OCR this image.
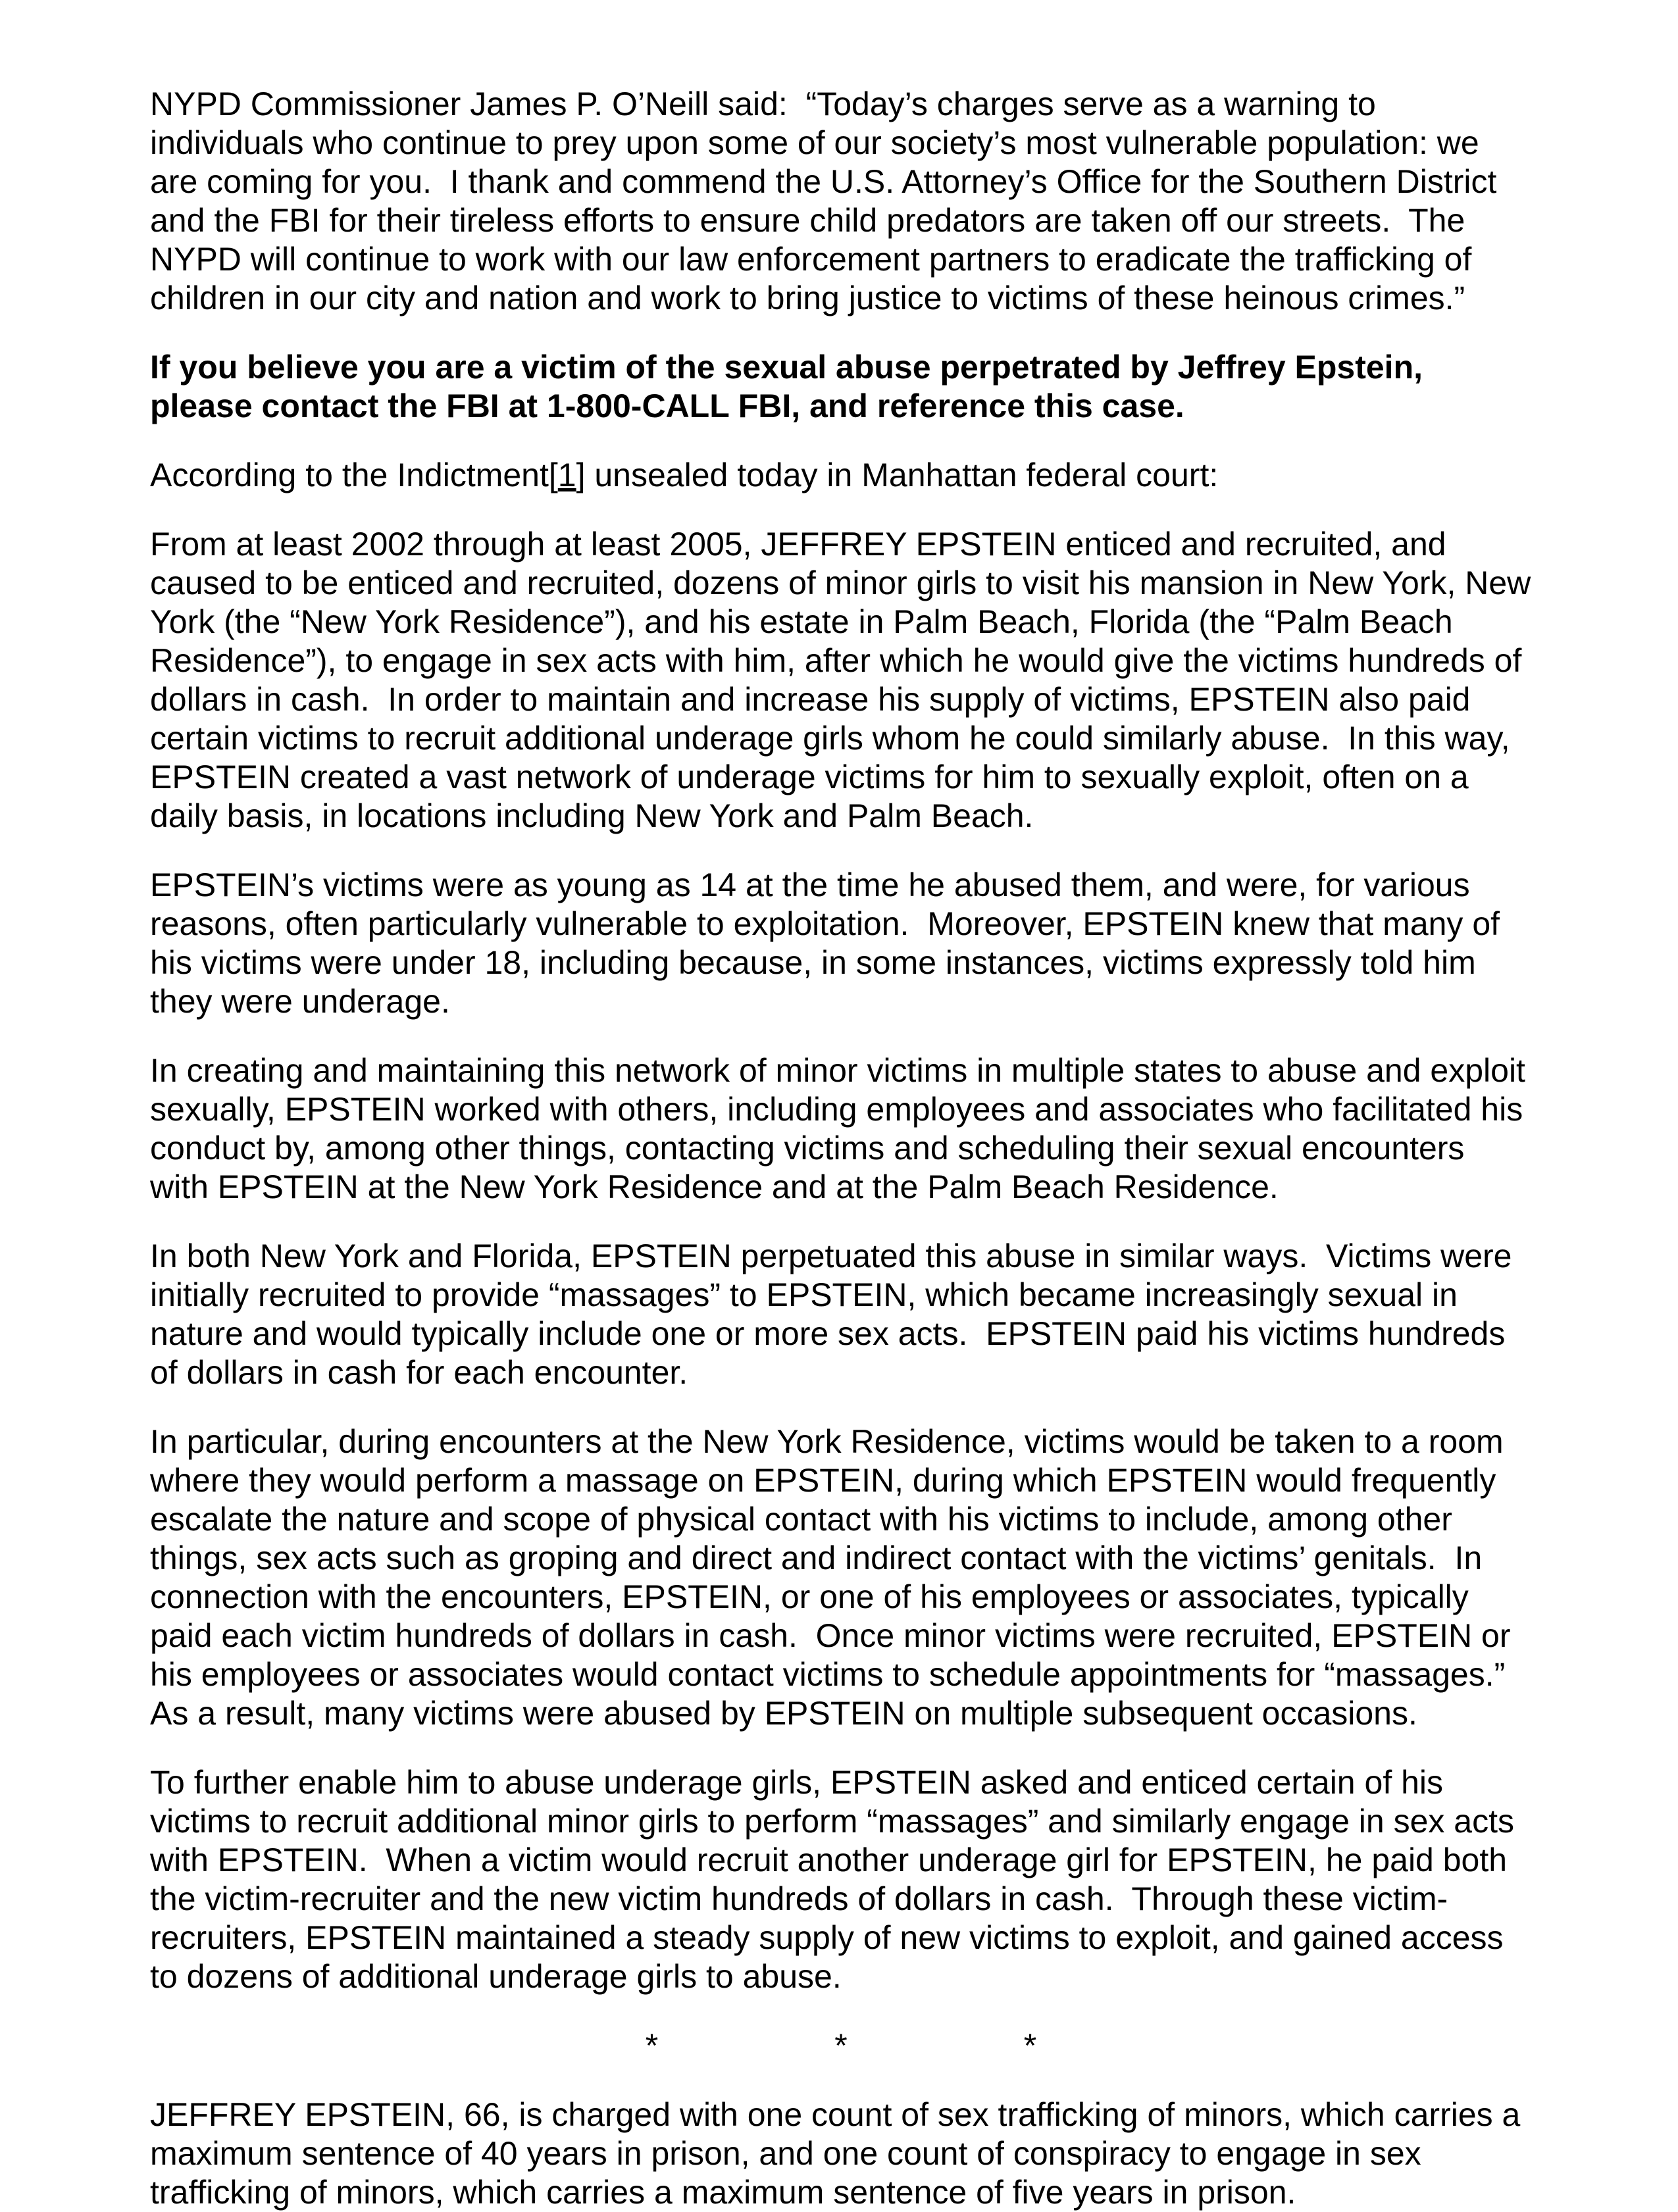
NYPD Commissioner James P. O’Neill said:  “Today’s charges serve as a warning to individuals who continue to prey upon some of our society’s most vulnerable population: we are coming for you.  I thank and commend the U.S. Attorney’s Office for the Southern District and the FBI for their tireless efforts to ensure child predators are taken off our streets.  The NYPD will continue to work with our law enforcement partners to eradicate the trafficking of children in our city and nation and work to bring justice to victims of these heinous crimes.”

If you believe you are a victim of the sexual abuse perpetrated by Jeffrey Epstein, please contact the FBI at 1-800-CALL FBI, and reference this case.

According to the Indictment[1] unsealed today in Manhattan federal court:

From at least 2002 through at least 2005, JEFFREY EPSTEIN enticed and recruited, and caused to be enticed and recruited, dozens of minor girls to visit his mansion in New York, New York (the “New York Residence”), and his estate in Palm Beach, Florida (the “Palm Beach Residence”), to engage in sex acts with him, after which he would give the victims hundreds of dollars in cash.  In order to maintain and increase his supply of victims, EPSTEIN also paid certain victims to recruit additional underage girls whom he could similarly abuse.  In this way, EPSTEIN created a vast network of underage victims for him to sexually exploit, often on a daily basis, in locations including New York and Palm Beach.

EPSTEIN’s victims were as young as 14 at the time he abused them, and were, for various reasons, often particularly vulnerable to exploitation.  Moreover, EPSTEIN knew that many of his victims were under 18, including because, in some instances, victims expressly told him they were underage.

In creating and maintaining this network of minor victims in multiple states to abuse and exploit sexually, EPSTEIN worked with others, including employees and associates who facilitated his conduct by, among other things, contacting victims and scheduling their sexual encounters with EPSTEIN at the New York Residence and at the Palm Beach Residence.

In both New York and Florida, EPSTEIN perpetuated this abuse in similar ways.  Victims were initially recruited to provide “massages” to EPSTEIN, which became increasingly sexual in nature and would typically include one or more sex acts.  EPSTEIN paid his victims hundreds of dollars in cash for each encounter.

In particular, during encounters at the New York Residence, victims would be taken to a room where they would perform a massage on EPSTEIN, during which EPSTEIN would frequently escalate the nature and scope of physical contact with his victims to include, among other things, sex acts such as groping and direct and indirect contact with the victims’ genitals.  In connection with the encounters, EPSTEIN, or one of his employees or associates, typically paid each victim hundreds of dollars in cash.  Once minor victims were recruited, EPSTEIN or his employees or associates would contact victims to schedule appointments for “massages.”  As a result, many victims were abused by EPSTEIN on multiple subsequent occasions.

To further enable him to abuse underage girls, EPSTEIN asked and enticed certain of his victims to recruit additional minor girls to perform “massages” and similarly engage in sex acts with EPSTEIN.  When a victim would recruit another underage girl for EPSTEIN, he paid both the victim-recruiter and the new victim hundreds of dollars in cash.  Through these victim-recruiters, EPSTEIN maintained a steady supply of new victims to exploit, and gained access to dozens of additional underage girls to abuse.

*	*	*

JEFFREY EPSTEIN, 66, is charged with one count of sex trafficking of minors, which carries a maximum sentence of 40 years in prison, and one count of conspiracy to engage in sex trafficking of minors, which carries a maximum sentence of five years in prison.
